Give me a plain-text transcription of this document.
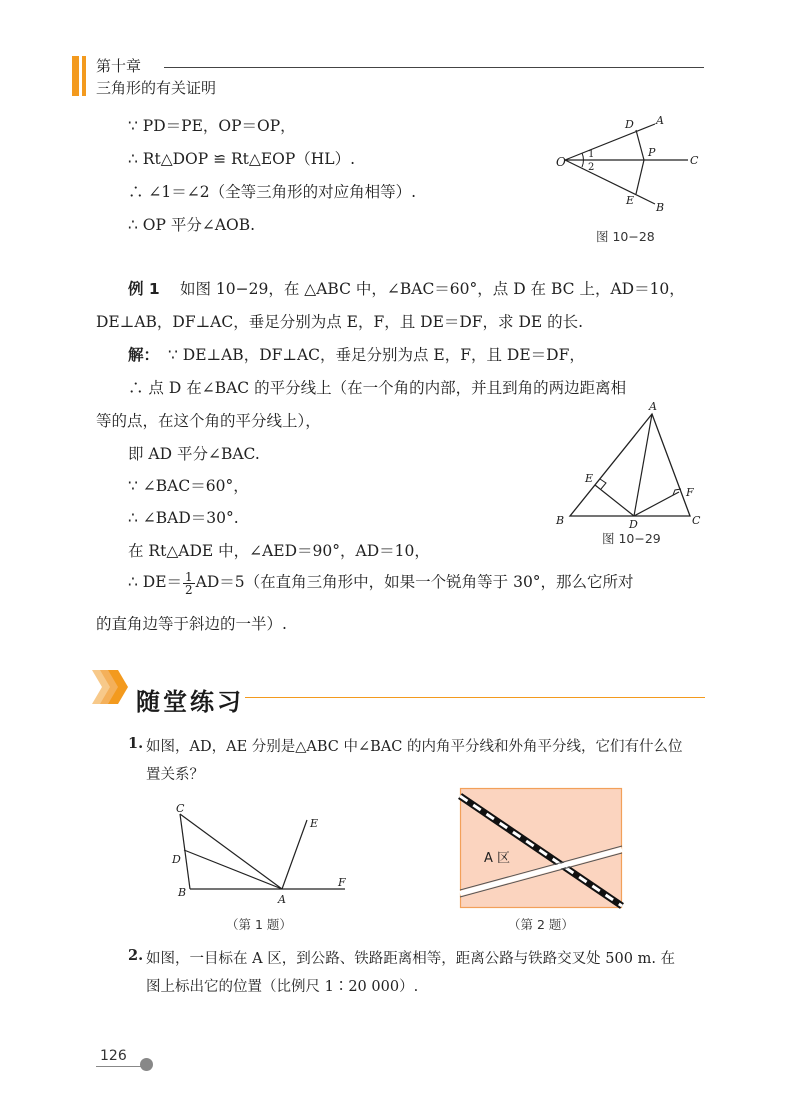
第十章
三角形的有关证明
∵ PD＝PE，OP＝OP，
∴ Rt△DOP ≌ Rt△EOP（HL）.
∴ ∠1＝∠2（全等三角形的对应角相等）.
∴ OP 平分∠AOB.
O
D A
P
C
E
B
1
2
图 10−28
例 1 如图 10−29，在 △ABC 中，∠BAC＝60°，点 D 在 BC 上，AD＝10，
DE⊥AB，DF⊥AC，垂足分别为点 E，F，且 DE＝DF，求 DE 的长.
解： ∵ DE⊥AB，DF⊥AC，垂足分别为点 E，F，且 DE＝DF，
∴ 点 D 在∠BAC 的平分线上（在一个角的内部，并且到角的两边距离相
等的点，在这个角的平分线上），
即 AD 平分∠BAC.
∵ ∠BAC＝60°，
∴ ∠BAD＝30°.
在 Rt△ADE 中，∠AED＝90°，AD＝10，
∴ $DE= \frac{1}{2} AD=5$（在直角三角形中，如果一个锐角等于 30°，那么它所对
的直角边等于斜边的一半）.
A
E
F
B	D	C
图 10−29
随堂练习
1. 如图，AD，AE 分别是△ABC 中∠BAC 的内角平分线和外角平分线，它们有什么位
置关系？
C
D
B
A
E
F
（第 1 题）
A 区
（第 2 题）
2. 如图，一目标在 A 区，到公路、铁路距离相等，距离公路与铁路交叉处 500 m. 在
图上标出它的位置（比例尺 1∶20 000）.
126
